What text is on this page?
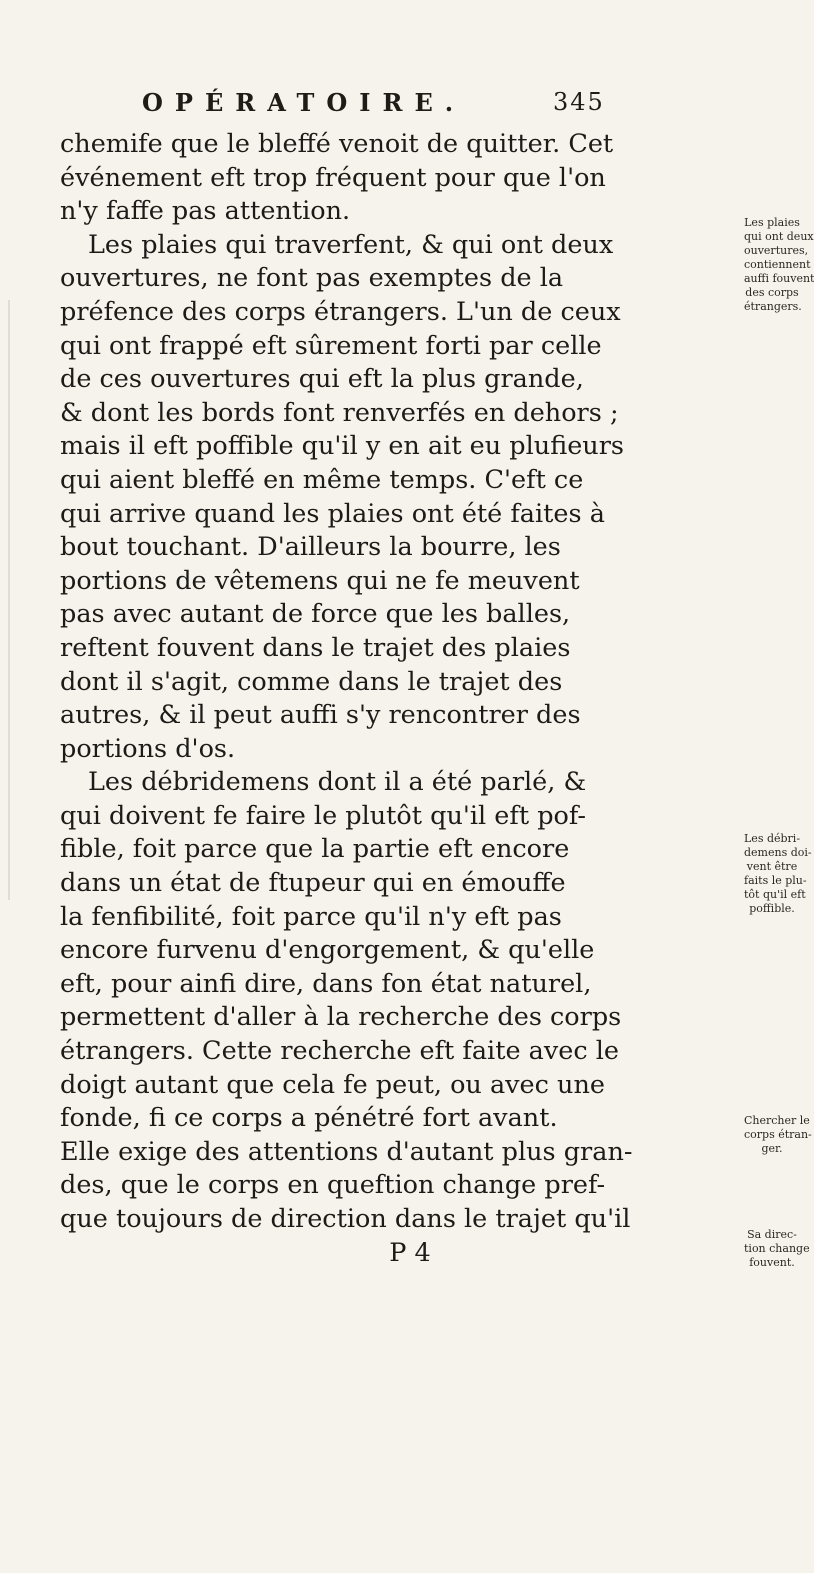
OPÉRATOIRE.	345
chemife que le bleffé venoit de quitter. Cet
événement eft trop fréquent pour que l'on
n'y faffe pas attention.
Les plaies qui traverfent, & qui ont deux
ouvertures, ne font pas exemptes de la
préfence des corps étrangers. L'un de ceux
qui ont frappé eft sûrement forti par celle
de ces ouvertures qui eft la plus grande,
& dont les bords font renverfés en dehors ;
mais il eft poffible qu'il y en ait eu plufieurs
qui aient bleffé en même temps. C'eft ce
qui arrive quand les plaies ont été faites à
bout touchant. D'ailleurs la bourre, les
portions de vêtemens qui ne fe meuvent
pas avec autant de force que les balles,
reftent fouvent dans le trajet des plaies
dont il s'agit, comme dans le trajet des
autres, & il peut auffi s'y rencontrer des
portions d'os.
Les débridemens dont il a été parlé, &
qui doivent fe faire le plutôt qu'il eft pof-
fible, foit parce que la partie eft encore
dans un état de ftupeur qui en émouffe
la fenfibilité, foit parce qu'il n'y eft pas
encore furvenu d'engorgement, & qu'elle
eft, pour ainfi dire, dans fon état naturel,
permettent d'aller à la recherche des corps
étrangers. Cette recherche eft faite avec le
doigt autant que cela fe peut, ou avec une
fonde, fi ce corps a pénétré fort avant.
Elle exige des attentions d'autant plus gran-
des, que le corps en queftion change pref-
que toujours de direction dans le trajet qu'il
P 4
Les plaies
qui ont deux
ouvertures,
contiennent
auffi fouvent
des corps
étrangers.
Les débri-
demens doi-
vent être
faits le plu-
tôt qu'il eft
poffible.
Chercher le
corps étran-
ger.
Sa direc-
tion change
fouvent.
